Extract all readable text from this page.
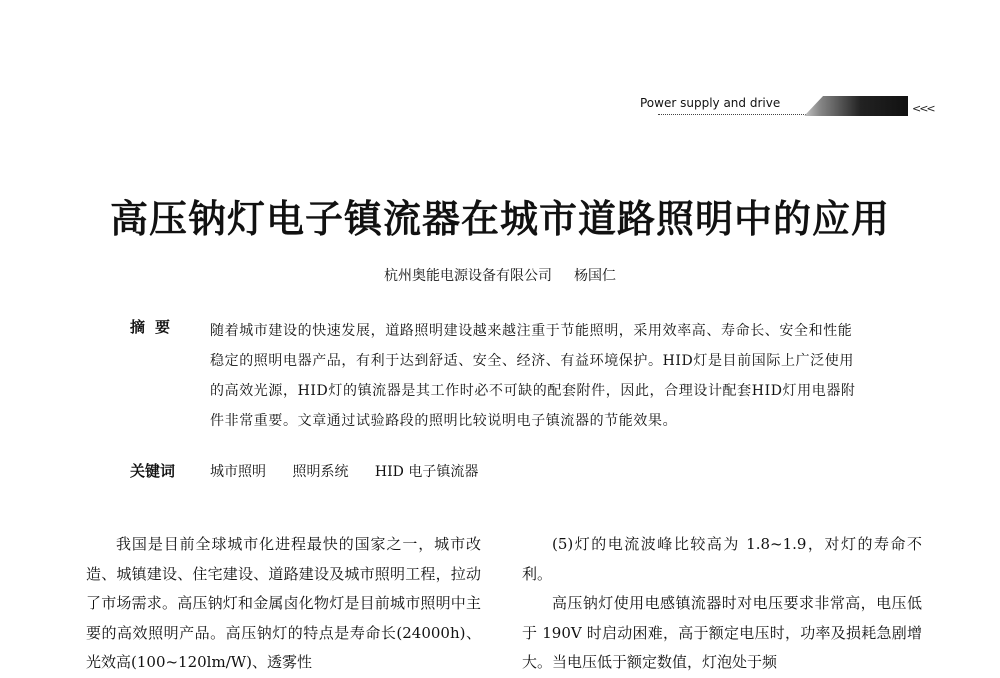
Power supply and drive	<<<
高压钠灯电子镇流器在城市道路照明中的应用
杭州奥能电源设备有限公司 杨国仁
摘要 随着城市建设的快速发展，道路照明建设越来越注重于节能照明，采用效率高、寿命长、安全和性能稳定的照明电器产品，有利于达到舒适、安全、经济、有益环境保护。HID灯是目前国际上广泛使用的高效光源，HID灯的镇流器是其工作时必不可缺的配套附件，因此，合理设计配套HID灯用电器附件非常重要。文章通过试验路段的照明比较说明电子镇流器的节能效果。
关键词 城市照明 照明系统 HID 电子镇流器

我国是目前全球城市化进程最快的国家之一，城市改造、城镇建设、住宅建设、道路建设及城市照明工程，拉动了市场需求。高压钠灯和金属卤化物灯是目前城市照明中主要的高效照明产品。高压钠灯的特点是寿命长(24000h)、光效高(100~120lm/W)、透雾性

(5)灯的电流波峰比较高为 1.8~1.9，对灯的寿命不利。

高压钠灯使用电感镇流器时对电压要求非常高，电压低于 190V 时启动困难，高于额定电压时，功率及损耗急剧增大。当电压低于额定数值，灯泡处于频
